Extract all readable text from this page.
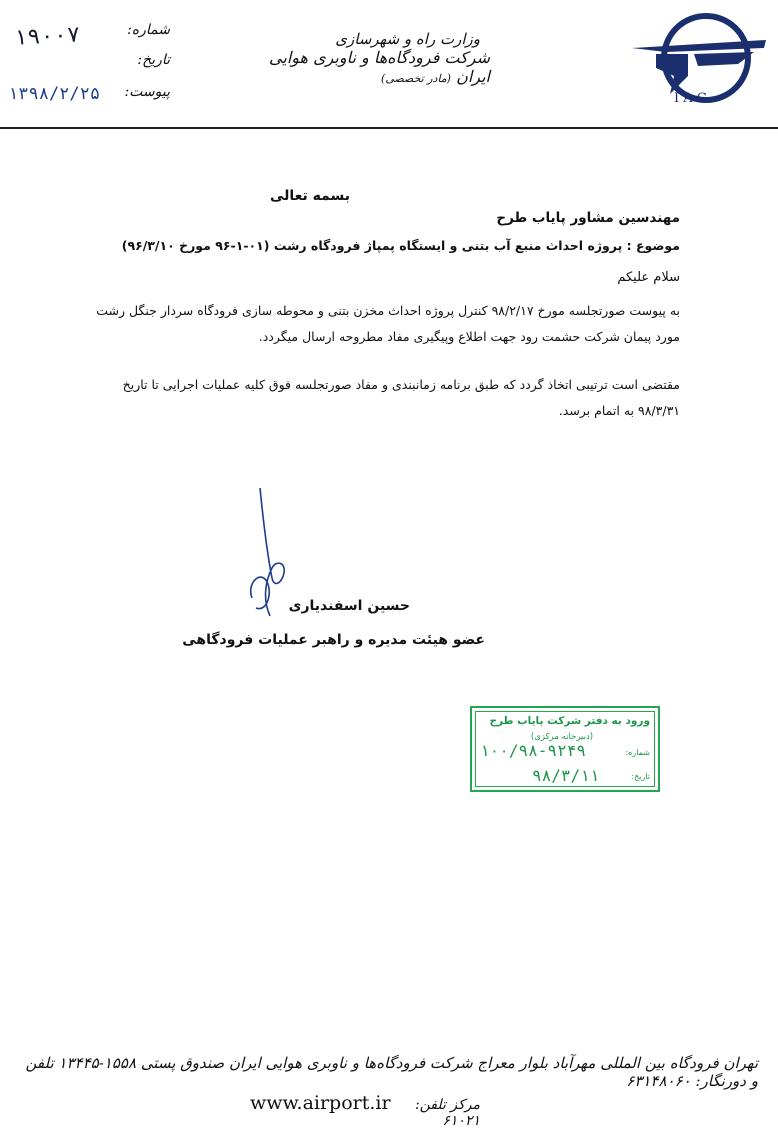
I A C
وزارت راه و شهرسازی
شرکت فرودگاه‌ها و ناوبری هوایی ایران (مادر تخصصی)
شماره:
تاریخ:
پیوست:
۱۹۰۰۷
۱۳۹۸/۲/۲۵
بسمه تعالی
مهندسین مشاور پایاب طرح
موضوع : پروژه احداث منبع آب بتنی و ایستگاه پمپاژ فرودگاه رشت (۰۱-۱-۹۶ مورخ ۹۶/۳/۱۰)
سلام علیکم
به پیوست صورتجلسه مورخ ۹۸/۲/۱۷ کنترل پروژه احداث مخزن بتنی و محوطه سازی فرودگاه سردار جنگل رشت مورد پیمان شرکت حشمت رود جهت اطلاع وپیگیری مفاد مطروحه ارسال میگردد.
مقتضی است ترتیبی اتخاذ گردد که طبق برنامه زمانبندی و مفاد صورتجلسه فوق کلیه عملیات اجرایی تا تاریخ ۹۸/۳/۳۱ به اتمام برسد.
حسین اسفندیاری
عضو هیئت مدیره و راهبر عملیات فرودگاهی
ورود به دفتر شرکت پایاب طرح
(دبیرخانه مرکزی)
شماره:
۱۰۰/۹۸-۹۲۴۹
تاریخ:
۹۸/۳/۱۱
تهران فرودگاه بین المللی مهرآباد بلوار معراج شرکت فرودگاه‌ها و ناوبری هوایی ایران صندوق پستی ۱۵۵۸-۱۳۴۴۵ تلفن و دورنگار: ۶۳۱۴۸۰۶۰
www.airport.ir	مرکز تلفن: ۶۱۰۲۱
